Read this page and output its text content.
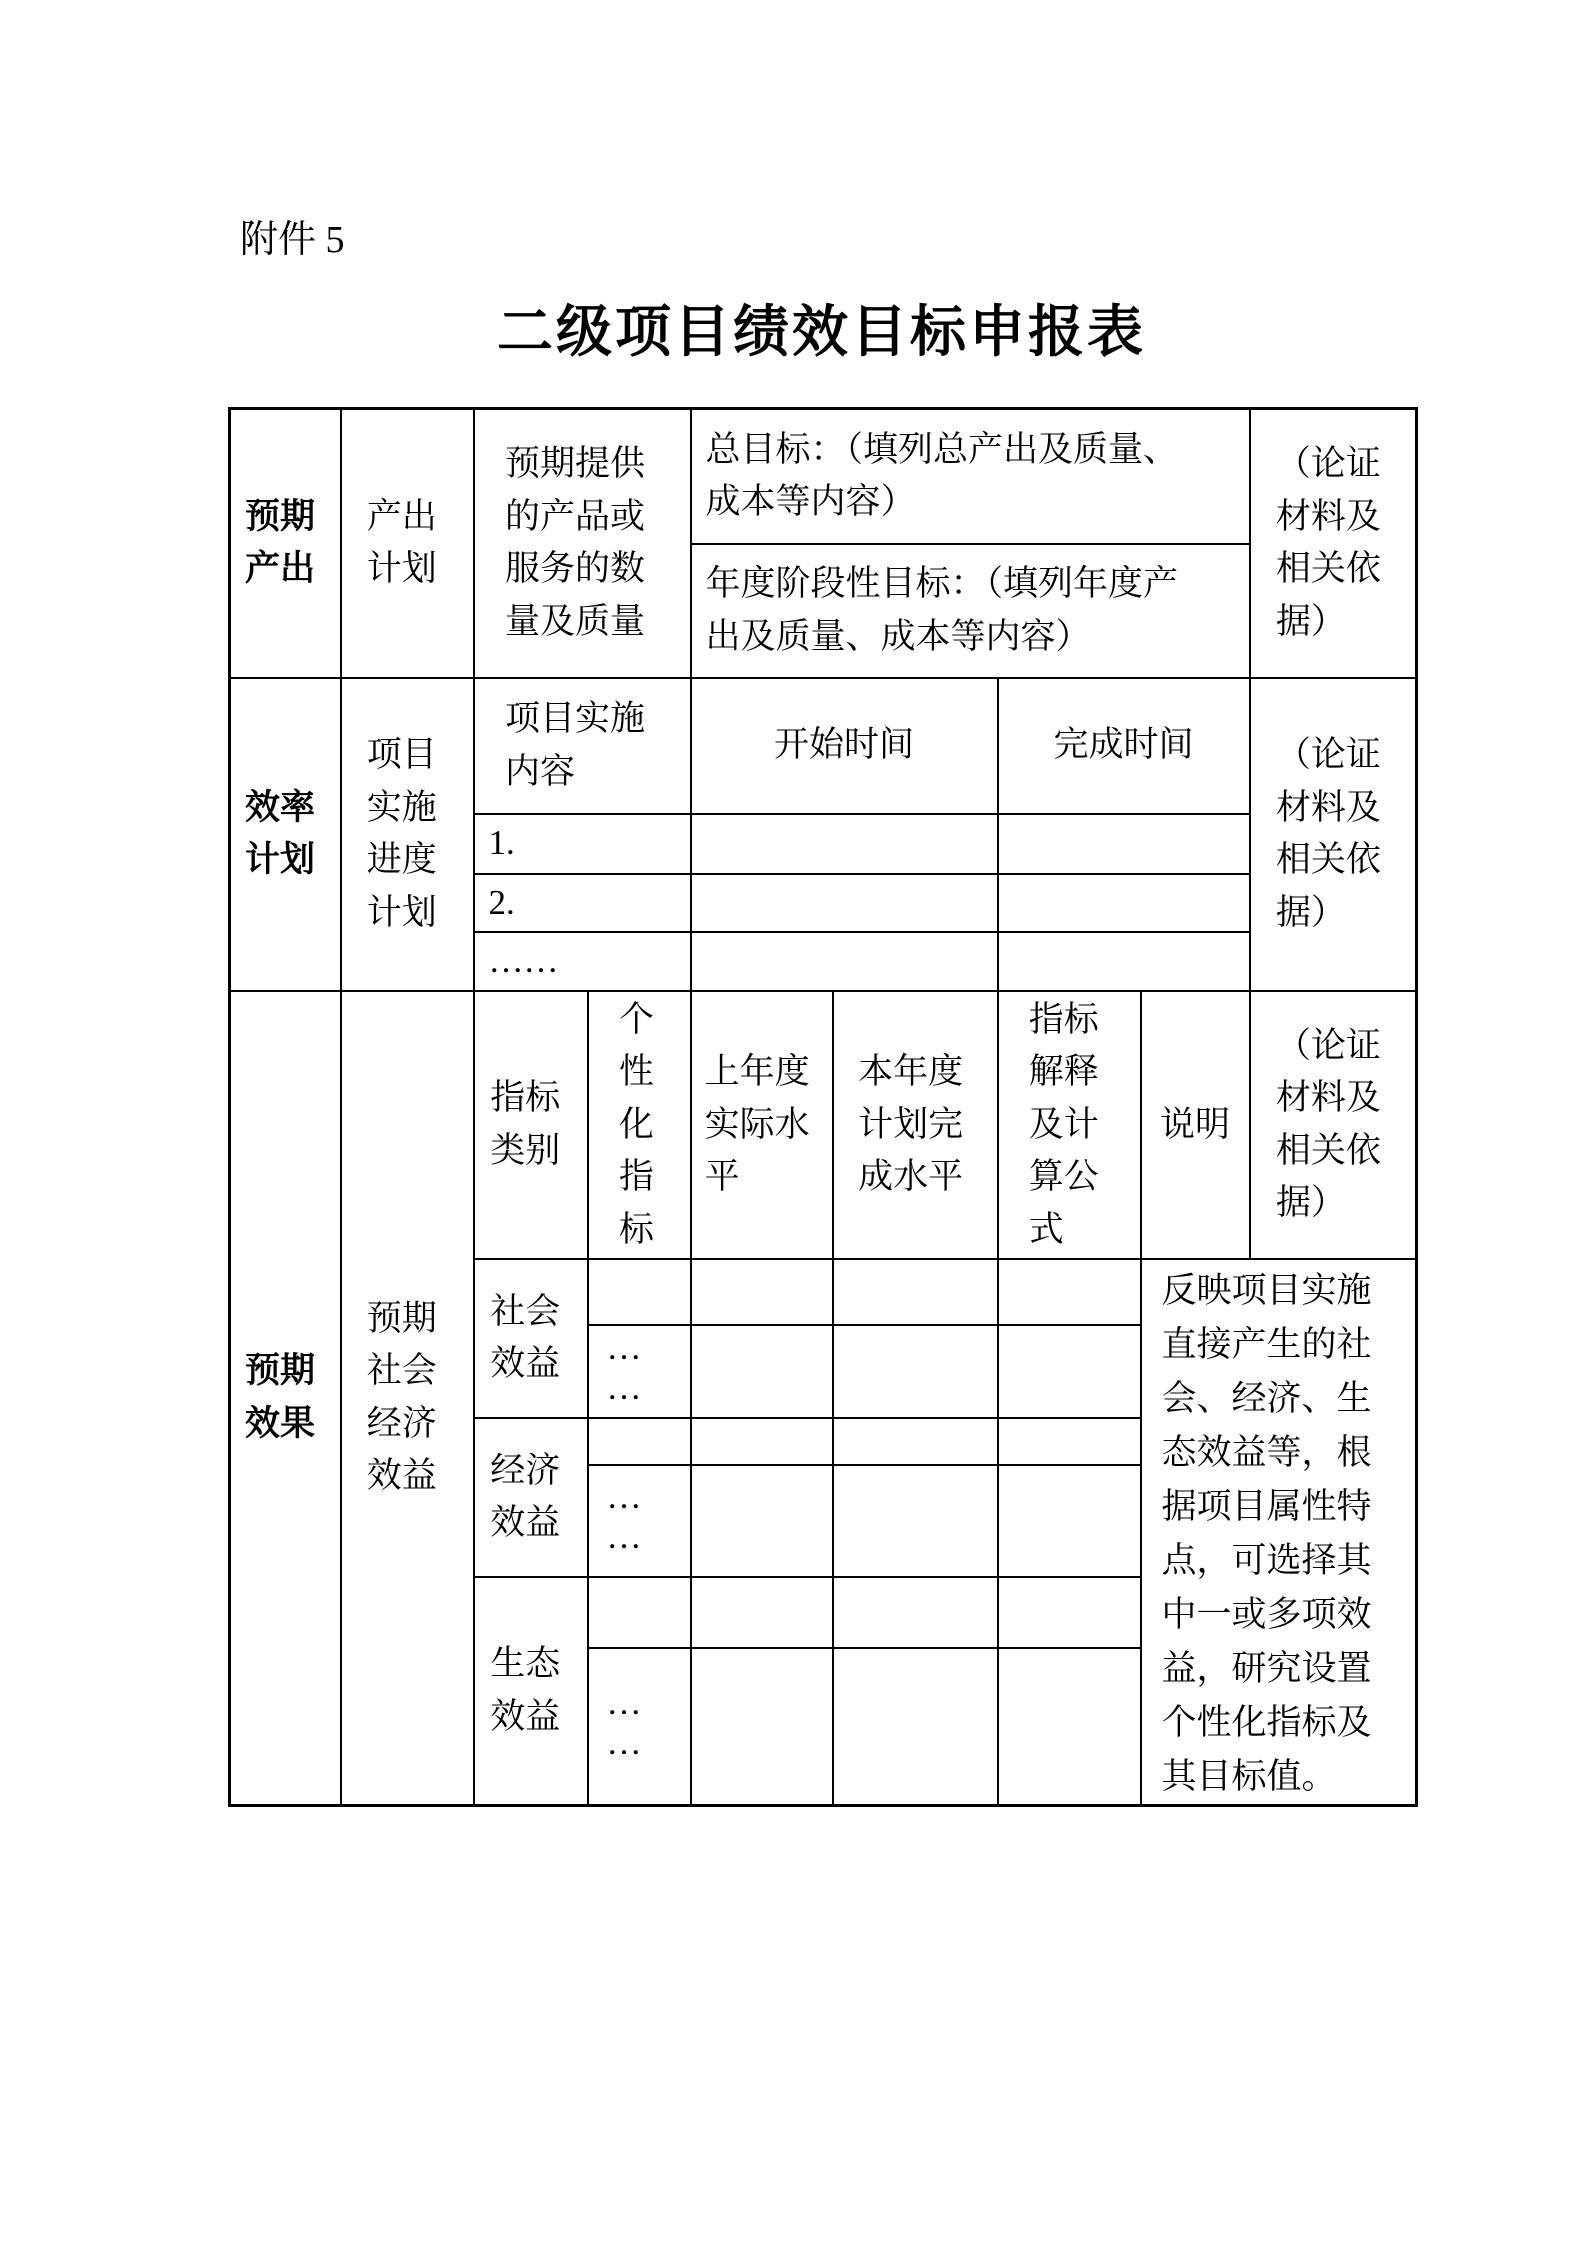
附件 5
二级项目绩效目标申报表
预期产出	产出计划	预期提供的产品或服务的数量及质量		总目标：（填列总产出及质量、成本等内容）				（论证材料及相关依据）
				年度阶段性目标：（填列年度产出及质量、成本等内容）				
效率计划	项目实施进度计划	项目实施内容		开始时间		完成时间		（论证材料及相关依据）
		1.						
		2.						
		……						
预期效果	预期社会经济效益	指标类别	个性化指标	上年度实际水平	本年度计划完成水平	指标解释及计算公式	说明	（论证材料及相关依据）
		社会效益					反映项目实施直接产生的社会、经济、生态效益等，根据项目属性特点，可选择其中一或多项效益，研究设置个性化指标及其目标值。	
			……					
		经济效益						
			……					
		生态效益						
			……					
